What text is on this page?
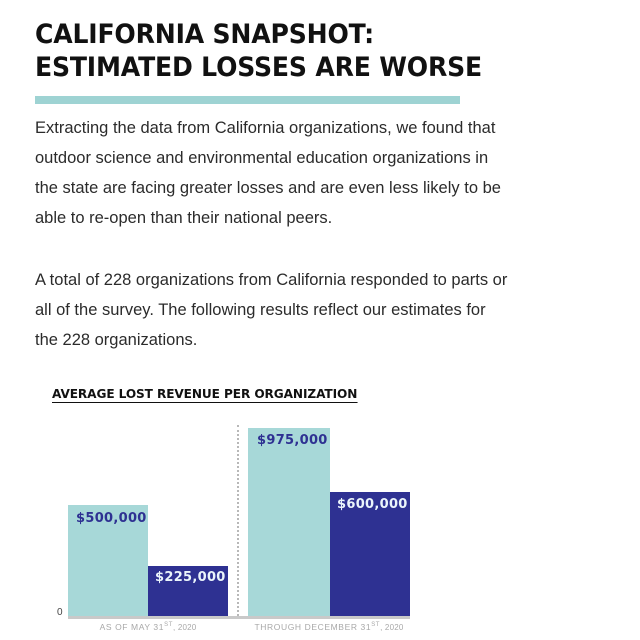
CALIFORNIA SNAPSHOT:
ESTIMATED LOSSES ARE WORSE

Extracting the data from California organizations, we found that outdoor science and environmental education organizations in the state are facing greater losses and are even less likely to be able to re-open than their national peers.

A total of 228 organizations from California responded to parts or all of the survey. The following results reflect our estimates for the 228 organizations.

AVERAGE LOST REVENUE PER ORGANIZATION
$500,000
$225,000
$975,000
$600,000
0
AS OF MAY 31ST, 2020	THROUGH DECEMBER 31ST, 2020
